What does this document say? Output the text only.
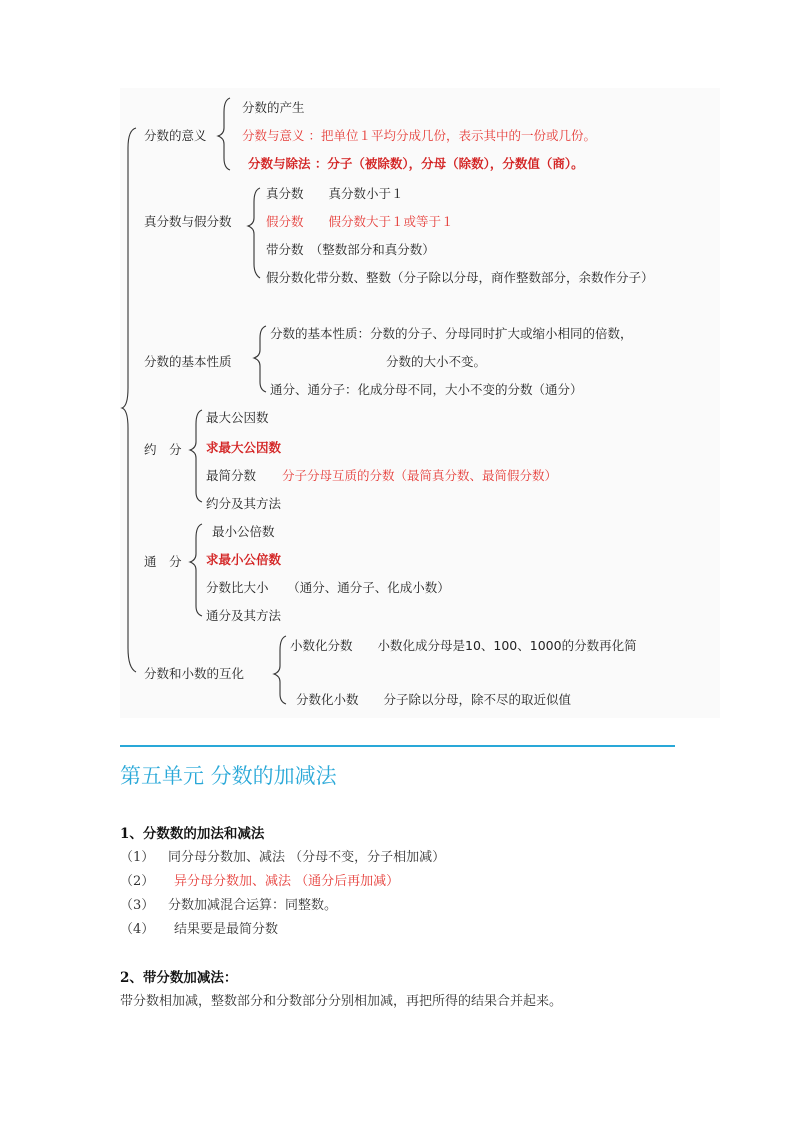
分数的意义
分数的产生
分数与意义 ：把单位１平均分成几份，表示其中的一份或几份。
分数与除法 ：分子（被除数），分母（除数），分数值（商）。
真分数与假分数
真分数　　真分数小于１
假分数　　假分数大于１或等于１
带分数　（整数部分和真分数）
假分数化带分数、整数（分子除以分母，商作整数部分，余数作分子）
分数的基本性质
分数的基本性质：分数的分子、分母同时扩大或缩小相同的倍数，
分数的大小不变。
通分、通分子：化成分母不同，大小不变的分数（通分）
约　分
最大公因数
求最大公因数
最简分数　 分子分母互质的分数（最简真分数、最简假分数）
约分及其方法
通　分
最小公倍数
求最小公倍数
分数比大小　　（通分、通分子、化成小数）
通分及其方法
分数和小数的互化
小数化分数　　小数化成分母是10、100、1000的分数再化简
分数化小数　　分子除以分母，除不尽的取近似值
第五单元 分数的加减法
1、分数数的加法和减法
（1） 同分母分数加、减法 （分母不变，分子相加减）
（2） 异分母分数加、减法 （通分后再加减）
（3） 分数加减混合运算：同整数。
（4） 结果要是最简分数
2、带分数加减法：
带分数相加减，整数部分和分数部分分别相加减，再把所得的结果合并起来。
